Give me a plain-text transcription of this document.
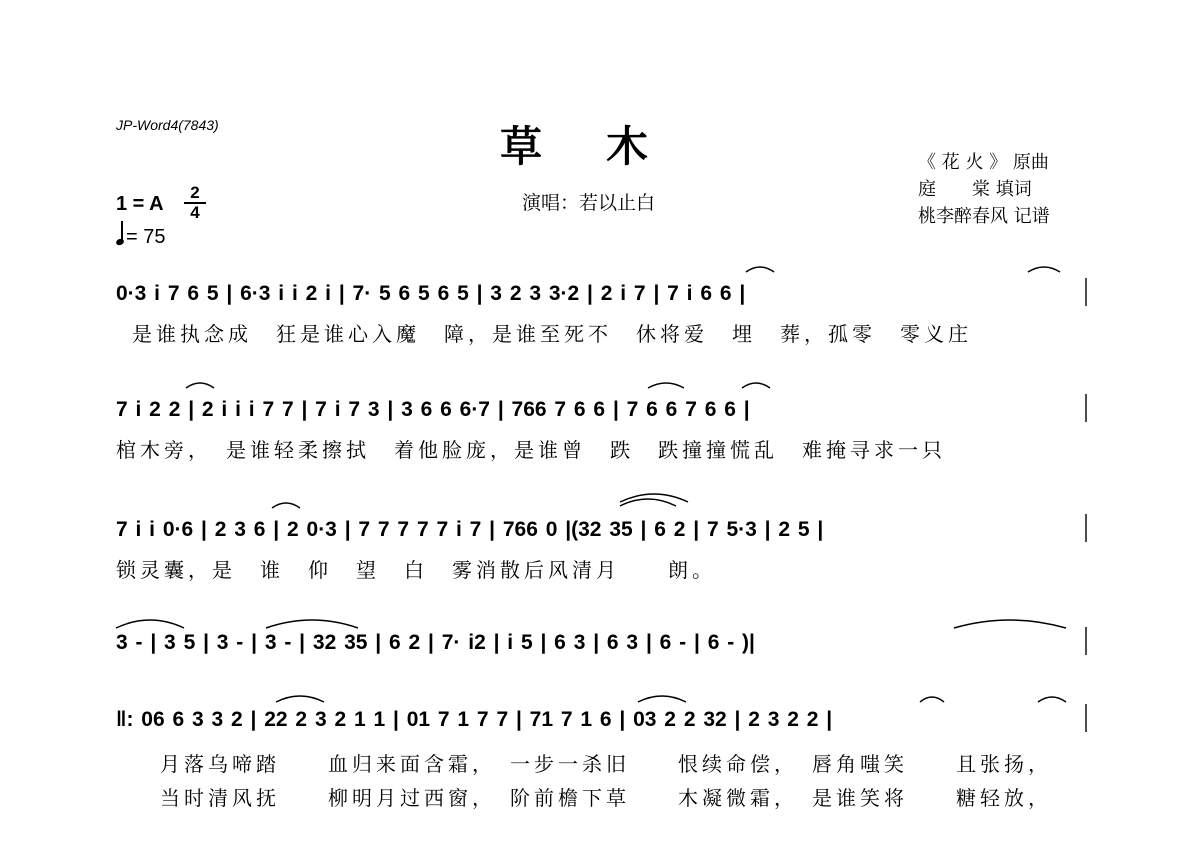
JP-Word4(7843)	草 木
演唱：若以止白
《 花 火 》 原曲
庭　　棠 填词
桃李醉春风 记谱
1 = A
2
4
= 75
0·3 i 7 6 5 | 6·3 i i 2 i | 7· 5 6 5 6 5 | 3 2 3 3·2 | 2 i 7 | 7 i 6 6 |
是谁执念成　狂是谁心入魔　障，是谁至死不　休将爱　埋　葬，孤零　零义庄
7 i 2 2 | 2 i i i 7 7 | 7 i 7 3 | 3 6 6 6·7 | 766 7 6 6 | 7 6 6 7 6 6 |
棺木旁，　是谁轻柔擦拭　着他脸庞，是谁曾　跌　跌撞撞慌乱　难掩寻求一只
7 i i 0·6 | 2 3 6 | 2 0·3 | 7 7 7 7 7 i 7 | 766 0 |(32 35 | 6 2 | 7 5·3 | 2 5 |
锁灵囊，是　谁　仰　望　白　雾消散后风清月　　朗。
3 - | 3 5 | 3 - | 3 - | 32 35 | 6 2 | 7· i2 | i 5 | 6 3 | 6 3 | 6 - | 6 - )|
‖: 06 6 3 3 2 | 22 2 3 2 1 1 | 01 7 1 7 7 | 71 7 1 6 | 03 2 2 32 | 2 3 2 2 |
月落乌啼踏　　血归来面含霜，　一步一杀旧　　恨续命偿，　唇角嗤笑　　且张扬，
当时清风抚　　柳明月过西窗，　阶前檐下草　　木凝微霜，　是谁笑将　　糖轻放，
